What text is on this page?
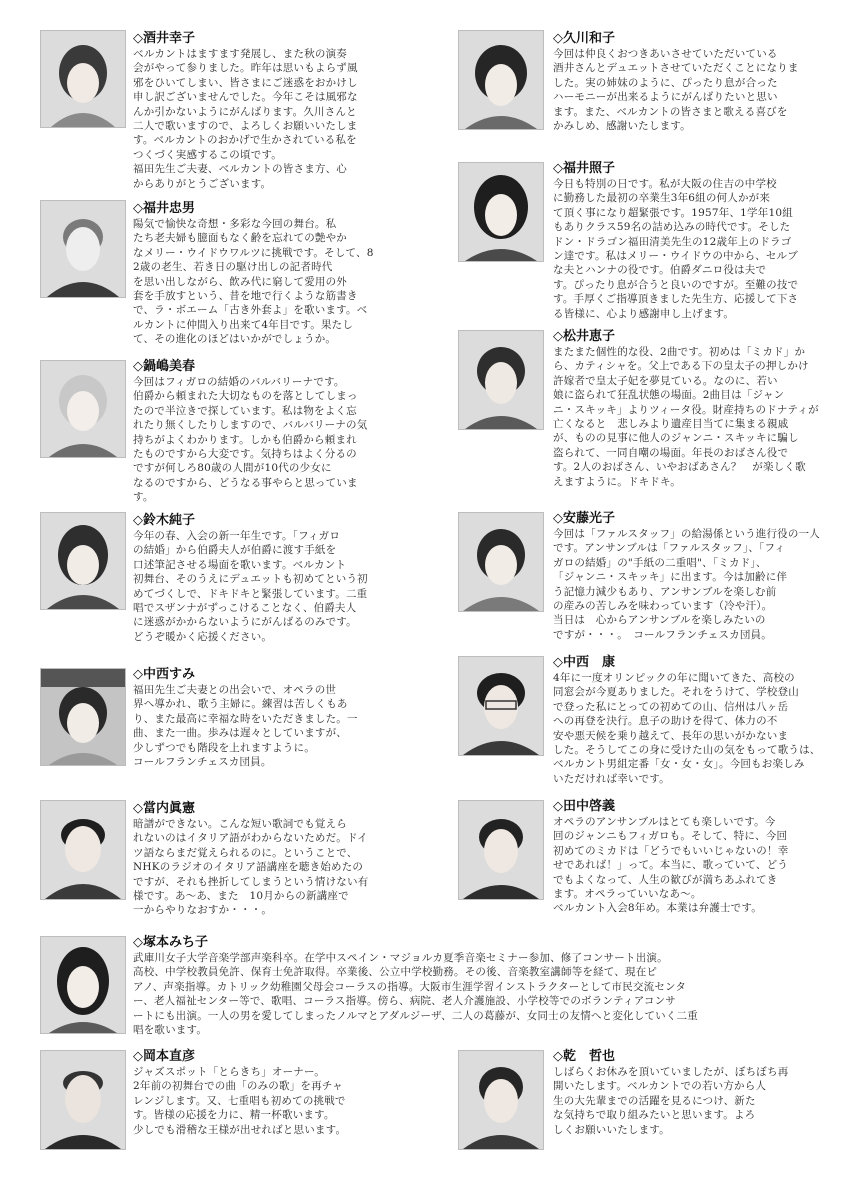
◇酒井幸子
ベルカントはますます発展し、また秋の演奏
会がやって参りました。昨年は思いもよらず風
邪をひいてしまい、皆さまにご迷惑をおかけし
申し訳ございませんでした。今年こそは風邪な
んか引かないようにがんばります。久川さんと
二人で歌いますので、よろしくお願いいたしま
す。ベルカントのおかげで生かされている私を
つくづく実感するこの頃です。
福田先生ご夫妻、ベルカントの皆さま方、心
からありがとうございます。
◇福井忠男
陽気で愉快な奇想・多彩な今回の舞台。私
たち老夫婦も臆面もなく齢を忘れての艶やか
なメリー・ウイドウワルツに挑戦です。そして、8
2歳の老生、若き日の駆け出しの記者時代
を思い出しながら、飲み代に窮して愛用の外
套を手放すという、昔を地で行くような筋書き
で、ラ・ボエーム「古き外套よ」を歌います。ベ
ルカントに仲間入り出来て4年目です。果たし
て、その進化のほどはいかがでしょうか。
◇鍋嶋美春
今回はフィガロの結婚のバルバリーナです。
伯爵から頼まれた大切なものを落としてしまっ
たので半泣きで探しています。私は物をよく忘
れたり無くしたりしますので、バルバリーナの気
持ちがよくわかります。しかも伯爵から頼まれ
たものですから大変です。気持ちはよく分るの
ですが何しろ80歳の人間が10代の少女に
なるのですから、どうなる事やらと思っていま
す。
◇鈴木純子
今年の春、入会の新一年生です。「フィガロ
の結婚」から伯爵夫人が伯爵に渡す手紙を
口述筆記させる場面を歌います。ベルカント
初舞台、そのうえにデュエットも初めてという初
めてづくしで、ドキドキと緊張しています。二重
唱でスザンナがずっこけることなく、伯爵夫人
に迷惑がかからないようにがんばるのみです。
どうぞ暖かく応援ください。
◇中西すみ
福田先生ご夫妻との出会いで、オペラの世
界へ導かれ、歌う主婦に。練習は苦しくもあ
り、また最高に幸福な時をいただきました。一
曲、また一曲。歩みは遅々としていますが、
少しずつでも階段を上れますように。
コールフランチェスカ団員。
◇當内眞憲
暗譜ができない。こんな短い歌詞でも覚えら
れないのはイタリア語がわからないためだ。ドイ
ツ語ならまだ覚えられるのに。ということで、
NHKのラジオのイタリア語講座を聴き始めたの
ですが、それも挫折してしまうという情けない有
様です。あ～あ、また　10月からの新講座で
一からやりなおすか・・・。
◇塚本みち子
武庫川女子大学音楽学部声楽科卒。在学中スペイン・マジョルカ夏季音楽セミナー参加、修了コンサート出演。
高校、中学校教員免許、保育士免許取得。卒業後、公立中学校勤務。その後、音楽教室講師等を経て、現在ピ
アノ、声楽指導。カトリック幼稚園父母会コーラスの指導。大阪市生涯学習インストラクターとして市民交流センタ
ー、老人福祉センター等で、歌唱、コーラス指導。傍ら、病院、老人介護施設、小学校等でのボランティアコンサ
ートにも出演。一人の男を愛してしまったノルマとアダルジーザ、二人の葛藤が、女同士の友情へと変化していく二重
唱を歌います。
◇岡本直彦
ジャズスポット「とらきち」オーナー。
2年前の初舞台での曲「のみの歌」を再チャ
レンジします。又、七重唱も初めての挑戦で
す。皆様の応援を力に、精一杯歌います。
少しでも滑稽な王様が出せればと思います。
◇久川和子
今回は仲良くおつきあいさせていただいている
酒井さんとデュエットさせていただくことになりま
した。実の姉妹のように、ぴったり息が合った
ハーモニーが出来るようにがんばりたいと思い
ます。また、ベルカントの皆さまと歌える喜びを
かみしめ、感謝いたします。
◇福井照子
今日も特別の日です。私が大阪の住吉の中学校
に勤務した最初の卒業生3年6組の何人かが来
て頂く事になり超緊張です。1957年、1学年10組
もありクラス59名の詰め込みの時代です。そした
ドン・ドラゴン福田清美先生の12歳年上のドラゴ
ン達です。私はメリー・ウイドウの中から、セルブ
な夫とハンナの役です。伯爵ダニロ役は夫で
す。ぴったり息が合うと良いのですが。至難の技で
す。手厚くご指導頂きました先生方、応援して下さ
る皆様に、心より感謝申し上げます。
◇松井恵子
またまた個性的な役、2曲です。初めは「ミカド」か
ら、カティシャを。父上である下の皇太子の押しかけ
許嫁者で皇太子妃を夢見ている。なのに、若い
娘に盗られて狂乱状態の場面。2曲目は「ジャン
ニ・スキッキ」よりツィータ役。財産持ちのドナティが
亡くなると　悲しみより遺産目当てに集まる親戚
が、ものの見事に他人のジャンニ・スキッキに騙し
盗られて、一同自嘲の場面。年長のおばさん役で
す。2人のおばさん、いやおばあさん？　が楽しく歌
えますように。ドキドキ。
◇安藤光子
今回は「ファルスタッフ」の給湯係という進行役の一人
です。アンサンブルは「ファルスタッフ」、「フィ
ガロの結婚」の"手紙の二重唱"、「ミカド」、
「ジャンニ・スキッキ」に出ます。今は加齢に伴
う記憶力減少もあり、アンサンブルを楽しむ前
の産みの苦しみを味わっています（冷や汗）。
当日は　心からアンサンブルを楽しみたいの
ですが・・・。　コールフランチェスカ団員。
◇中西　康
4年に一度オリンピックの年に聞いてきた、高校の
同窓会が今夏ありました。それをうけて、学校登山
で登った私にとっての初めての山、信州は八ヶ岳
への再登を決行。息子の助けを得て、体力の不
安や悪天候を乗り越えて、長年の思いがかないま
した。そうしてこの身に受けた山の気をもって歌うは、
ベルカント男組定番「女・女・女」。今回もお楽しみ
いただければ幸いです。
◇田中啓義
オペラのアンサンブルはとても楽しいです。今
回のジャンニもフィガロも。そして、特に、今回
初めてのミカドは「どうでもいいじゃないの！幸
せであれば！」って。本当に、歌っていて、どう
でもよくなって、人生の歓びが満ちあふれてき
ます。オペラっていいなあ～。
ベルカント入会8年め。本業は弁護士です。
◇乾　哲也
しばらくお休みを頂いていましたが、ぼちぼち再
開いたします。ベルカントでの若い方から人
生の大先輩までの活躍を見るにつけ、新た
な気持ちで取り組みたいと思います。よろ
しくお願いいたします。
